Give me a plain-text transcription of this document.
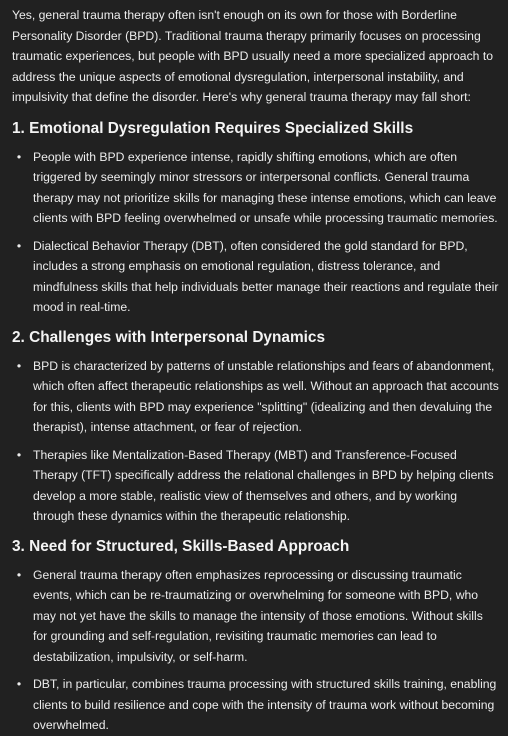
Yes, general trauma therapy often isn't enough on its own for those with Borderline Personality Disorder (BPD). Traditional trauma therapy primarily focuses on processing traumatic experiences, but people with BPD usually need a more specialized approach to address the unique aspects of emotional dysregulation, interpersonal instability, and impulsivity that define the disorder. Here's why general trauma therapy may fall short:

1. Emotional Dysregulation Requires Specialized Skills
• People with BPD experience intense, rapidly shifting emotions, which are often triggered by seemingly minor stressors or interpersonal conflicts. General trauma therapy may not prioritize skills for managing these intense emotions, which can leave clients with BPD feeling overwhelmed or unsafe while processing traumatic memories.
• Dialectical Behavior Therapy (DBT), often considered the gold standard for BPD, includes a strong emphasis on emotional regulation, distress tolerance, and mindfulness skills that help individuals better manage their reactions and regulate their mood in real-time.
2. Challenges with Interpersonal Dynamics
• BPD is characterized by patterns of unstable relationships and fears of abandonment, which often affect therapeutic relationships as well. Without an approach that accounts for this, clients with BPD may experience "splitting" (idealizing and then devaluing the therapist), intense attachment, or fear of rejection.
• Therapies like Mentalization-Based Therapy (MBT) and Transference-Focused Therapy (TFT) specifically address the relational challenges in BPD by helping clients develop a more stable, realistic view of themselves and others, and by working through these dynamics within the therapeutic relationship.
3. Need for Structured, Skills-Based Approach
• General trauma therapy often emphasizes reprocessing or discussing traumatic events, which can be re-traumatizing or overwhelming for someone with BPD, who may not yet have the skills to manage the intensity of those emotions. Without skills for grounding and self-regulation, revisiting traumatic memories can lead to destabilization, impulsivity, or self-harm.
• DBT, in particular, combines trauma processing with structured skills training, enabling clients to build resilience and cope with the intensity of trauma work without becoming overwhelmed.
